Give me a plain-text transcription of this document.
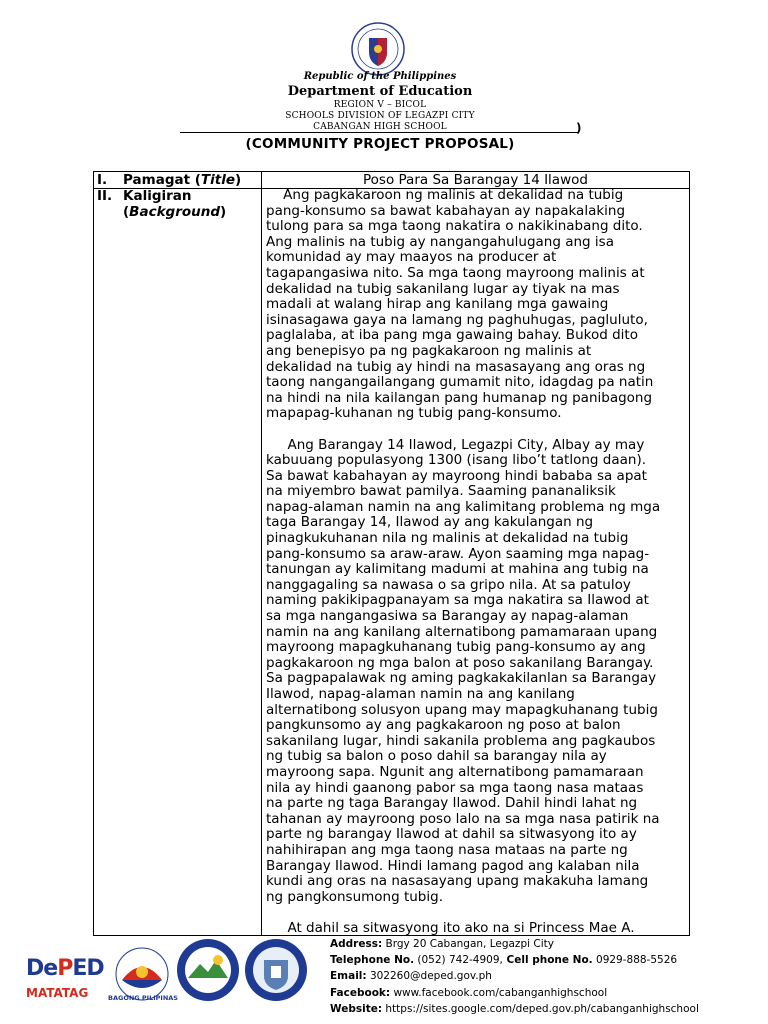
Republic of the Philippines
Department of Education
REGION V – BICOL
SCHOOLS DIVISION OF LEGAZPI CITY
CABANGAN HIGH SCHOOL	)
(COMMUNITY PROJECT PROPOSAL)
I. Pamagat (Title)	Poso Para Sa Barangay 14 Ilawod
II. Kaligiran
(Background)

Ang pagkakaroon ng malinis at dekalidad na tubig

pang-konsumo sa bawat kabahayan ay napakalaking

tulong para sa mga taong nakatira o nakikinabang dito.

Ang malinis na tubig ay nangangahulugang ang isa

komunidad ay may maayos na producer at

tagapangasiwa nito. Sa mga taong mayroong malinis at

dekalidad na tubig sakanilang lugar ay tiyak na mas

madali at walang hirap ang kanilang mga gawaing

isinasagawa gaya na lamang ng paghuhugas, pagluluto,

paglalaba, at iba pang mga gawaing bahay. Bukod dito

ang benepisyo pa ng pagkakaroon ng malinis at

dekalidad na tubig ay hindi na masasayang ang oras ng

taong nangangailangang gumamit nito, idagdag pa natin

na hindi na nila kailangan pang humanap ng panibagong

mapapag-kuhanan ng tubig pang-konsumo.

Ang Barangay 14 Ilawod, Legazpi City, Albay ay may

kabuuang populasyong 1300 (isang libo’t tatlong daan).

Sa bawat kabahayan ay mayroong hindi bababa sa apat

na miyembro bawat pamilya. Saaming pananaliksik

napag-alaman namin na ang kalimitang problema ng mga

taga Barangay 14, Ilawod ay ang kakulangan ng

pinagkukuhanan nila ng malinis at dekalidad na tubig

pang-konsumo sa araw-araw. Ayon saaming mga napag-

tanungan ay kalimitang madumi at mahina ang tubig na

nanggagaling sa nawasa o sa gripo nila. At sa patuloy

naming pakikipagpanayam sa mga nakatira sa Ilawod at

sa mga nangangasiwa sa Barangay ay napag-alaman

namin na ang kanilang alternatibong pamamaraan upang

mayroong mapagkuhanang tubig pang-konsumo ay ang

pagkakaroon ng mga balon at poso sakanilang Barangay.

Sa pagpapalawak ng aming pagkakakilanlan sa Barangay

Ilawod, napag-alaman namin na ang kanilang

alternatibong solusyon upang may mapagkuhanang tubig

pangkunsomo ay ang pagkakaroon ng poso at balon

sakanilang lugar, hindi sakanila problema ang pagkaubos

ng tubig sa balon o poso dahil sa barangay nila ay

mayroong sapa. Ngunit ang alternatibong pamamaraan

nila ay hindi gaanong pabor sa mga taong nasa mataas

na parte ng taga Barangay Ilawod. Dahil hindi lahat ng

tahanan ay mayroong poso lalo na sa mga nasa patirik na

parte ng barangay Ilawod at dahil sa sitwasyong ito ay

nahihirapan ang mga taong nasa mataas na parte ng

Barangay Ilawod. Hindi lamang pagod ang kalaban nila

kundi ang oras na nasasayang upang makakuha lamang

ng pangkonsumong tubig.

At dahil sa sitwasyong ito ako na si Princess Mae A.

DePED
MATATAG	BAGONG PILIPINAS

Address: Brgy 20 Cabangan, Legazpi City

Telephone No. (052) 742-4909, Cell phone No. 0929-888-5526

Email: 302260@deped.gov.ph

Facebook: www.facebook.com/cabanganhighschool

Website: https://sites.google.com/deped.gov.ph/cabanganhighschool
